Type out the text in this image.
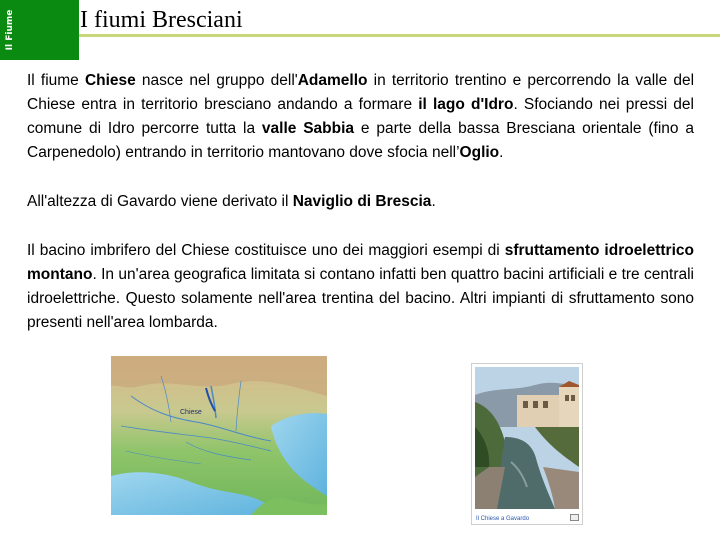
Il Fiume	I fiumi Bresciani

Il fiume Chiese nasce nel gruppo dell'Adamello in territorio trentino e percorrendo la valle del Chiese entra in territorio bresciano andando a formare il lago d'Idro. Sfociando nei pressi del comune di Idro percorre tutta la valle Sabbia e parte della bassa Bresciana orientale (fino a Carpenedolo) entrando in territorio mantovano dove sfocia nell’Oglio.

All'altezza di Gavardo viene derivato il Naviglio di Brescia.

Il bacino imbrifero del Chiese costituisce uno dei maggiori esempi di sfruttamento idroelettrico montano. In un'area geografica limitata si contano infatti ben quattro bacini artificiali e tre centrali idroelettriche. Questo solamente nell'area trentina del bacino. Altri impianti di sfruttamento sono presenti nell'area lombarda.

Chiese
Il Chiese a Gavardo
